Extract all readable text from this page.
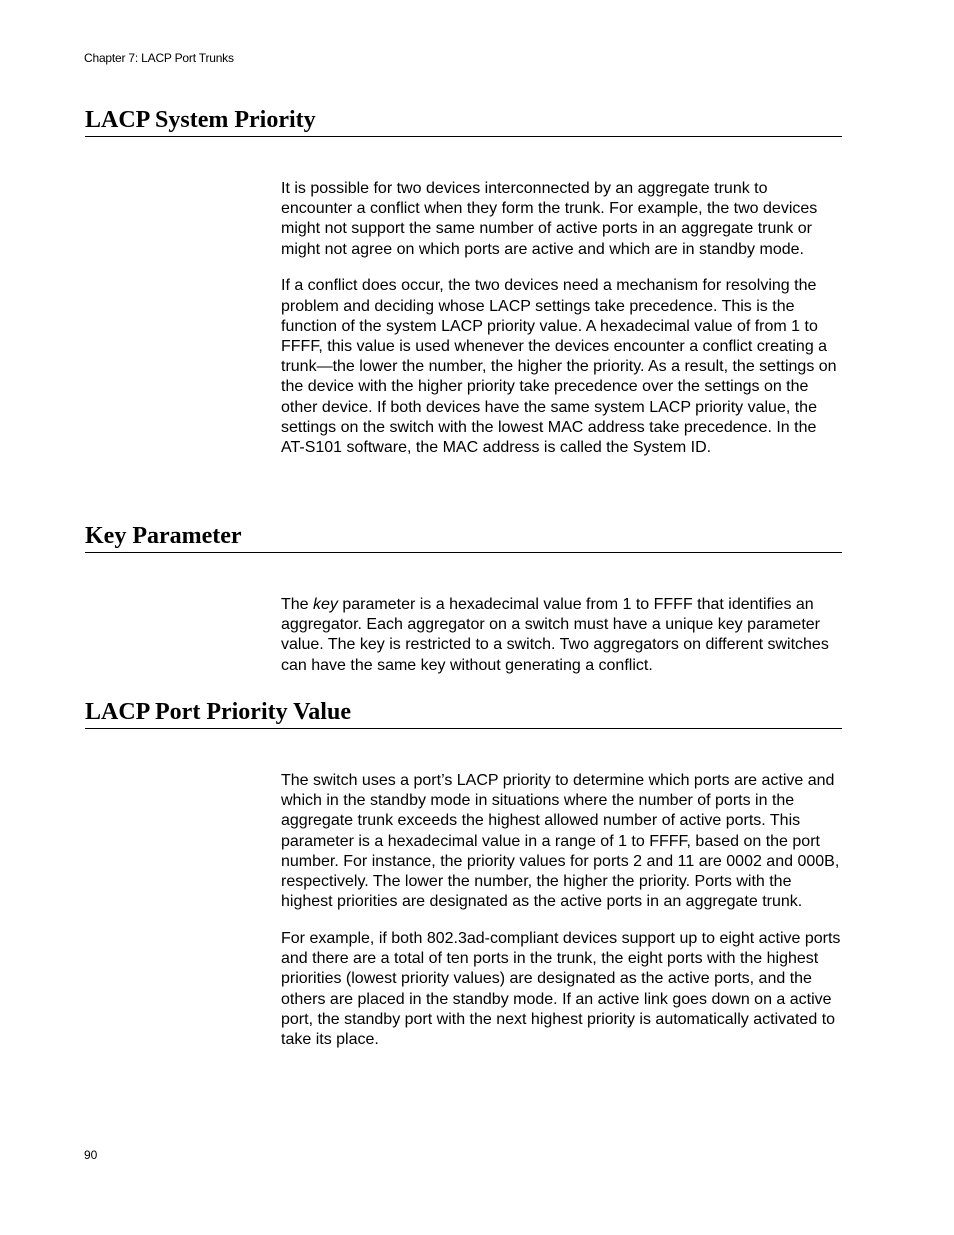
Chapter 7: LACP Port Trunks
LACP System Priority

It is possible for two devices interconnected by an aggregate trunk to encounter a conflict when they form the trunk. For example, the two devices might not support the same number of active ports in an aggregate trunk or might not agree on which ports are active and which are in standby mode.

If a conflict does occur, the two devices need a mechanism for resolving the problem and deciding whose LACP settings take precedence. This is the function of the system LACP priority value. A hexadecimal value of from 1 to FFFF, this value is used whenever the devices encounter a conflict creating a trunk—the lower the number, the higher the priority. As a result, the settings on the device with the higher priority take precedence over the settings on the other device. If both devices have the same system LACP priority value, the settings on the switch with the lowest MAC address take precedence. In the AT-S101 software, the MAC address is called the System ID.

Key Parameter

The key parameter is a hexadecimal value from 1 to FFFF that identifies an aggregator. Each aggregator on a switch must have a unique key parameter value. The key is restricted to a switch. Two aggregators on different switches can have the same key without generating a conflict.

LACP Port Priority Value

The switch uses a port’s LACP priority to determine which ports are active and which in the standby mode in situations where the number of ports in the aggregate trunk exceeds the highest allowed number of active ports. This parameter is a hexadecimal value in a range of 1 to FFFF, based on the port number. For instance, the priority values for ports 2 and 11 are 0002 and 000B, respectively. The lower the number, the higher the priority. Ports with the highest priorities are designated as the active ports in an aggregate trunk.

For example, if both 802.3ad-compliant devices support up to eight active ports and there are a total of ten ports in the trunk, the eight ports with the highest priorities (lowest priority values) are designated as the active ports, and the others are placed in the standby mode. If an active link goes down on a active port, the standby port with the next highest priority is automatically activated to take its place.

90
